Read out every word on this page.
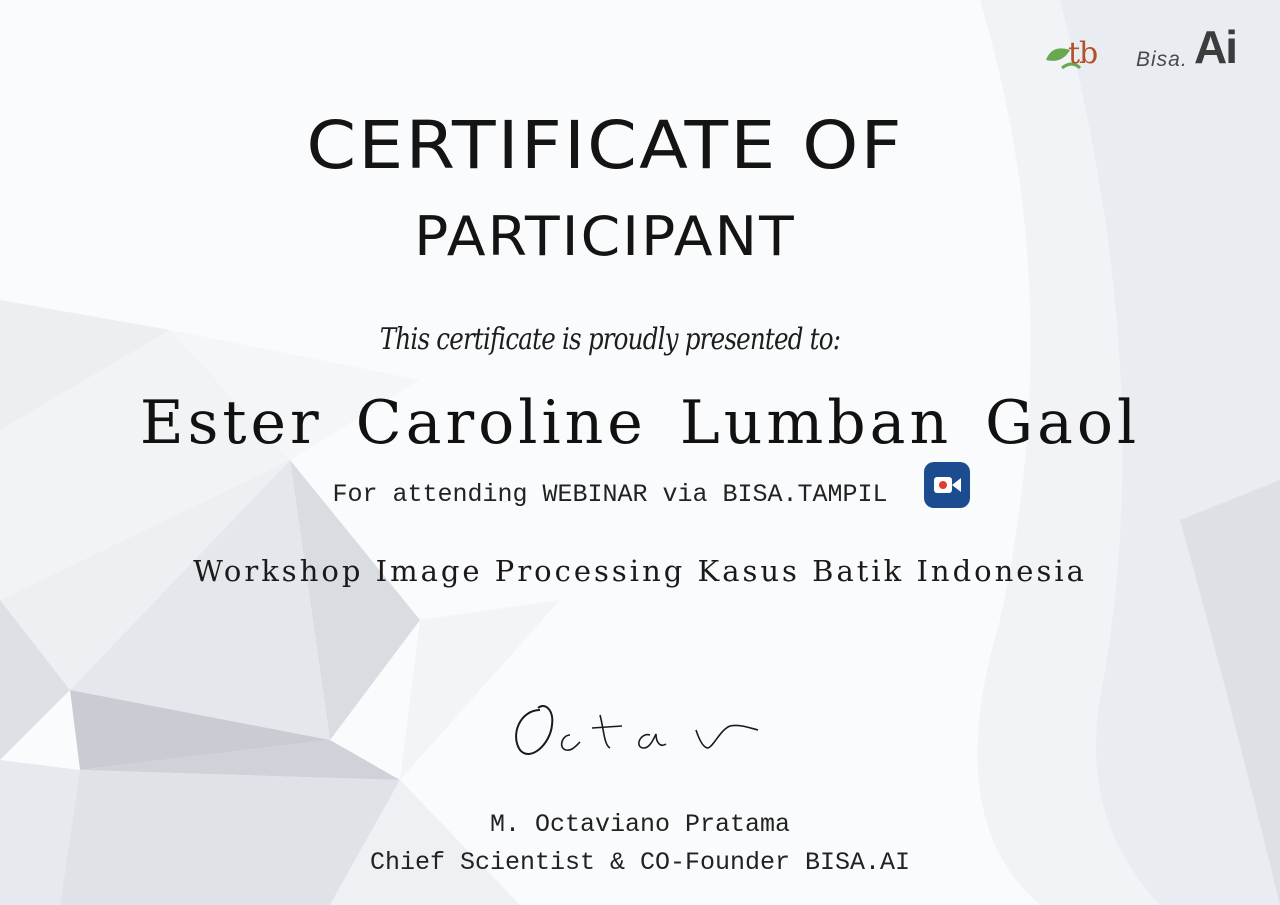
tb Bisa. Ai
CERTIFICATE OF
PARTICIPANT
This certificate is proudly presented to:
Ester Caroline Lumban Gaol
For attending WEBINAR via BISA.TAMPIL
Workshop Image Processing Kasus Batik Indonesia
M. Octaviano Pratama
Chief Scientist & CO-Founder BISA.AI
